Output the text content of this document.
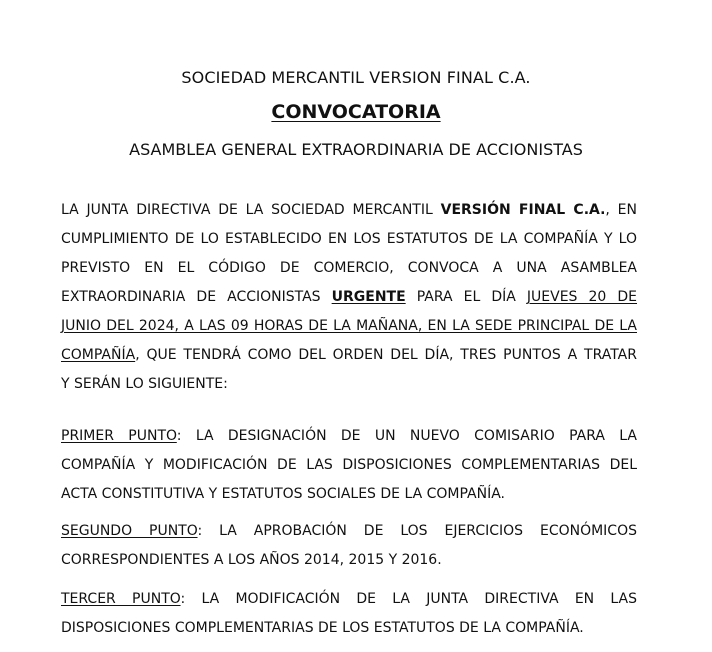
SOCIEDAD MERCANTIL VERSION FINAL C.A.
CONVOCATORIA
ASAMBLEA GENERAL EXTRAORDINARIA DE ACCIONISTAS
LA JUNTA DIRECTIVA DE LA SOCIEDAD MERCANTIL VERSIÓN FINAL C.A., EN
CUMPLIMIENTO DE LO ESTABLECIDO EN LOS ESTATUTOS DE LA COMPAÑÍA Y LO
PREVISTO EN EL CÓDIGO DE COMERCIO, CONVOCA A UNA ASAMBLEA
EXTRAORDINARIA DE ACCIONISTAS URGENTE PARA EL DÍA JUEVES 20 DE
JUNIO DEL 2024, A LAS 09 HORAS DE LA MAÑANA, EN LA SEDE PRINCIPAL DE LA
COMPAÑÍA, QUE TENDRÁ COMO DEL ORDEN DEL DÍA, TRES PUNTOS A TRATAR
Y SERÁN LO SIGUIENTE:
PRIMER PUNTO: LA DESIGNACIÓN DE UN NUEVO COMISARIO PARA LA
COMPAÑÍA Y MODIFICACIÓN DE LAS DISPOSICIONES COMPLEMENTARIAS DEL
ACTA CONSTITUTIVA Y ESTATUTOS SOCIALES DE LA COMPAÑÍA.
SEGUNDO PUNTO: LA APROBACIÓN DE LOS EJERCICIOS ECONÓMICOS
CORRESPONDIENTES A LOS AÑOS 2014, 2015 Y 2016.
TERCER PUNTO: LA MODIFICACIÓN DE LA JUNTA DIRECTIVA EN LAS
DISPOSICIONES COMPLEMENTARIAS DE LOS ESTATUTOS DE LA COMPAÑÍA.
